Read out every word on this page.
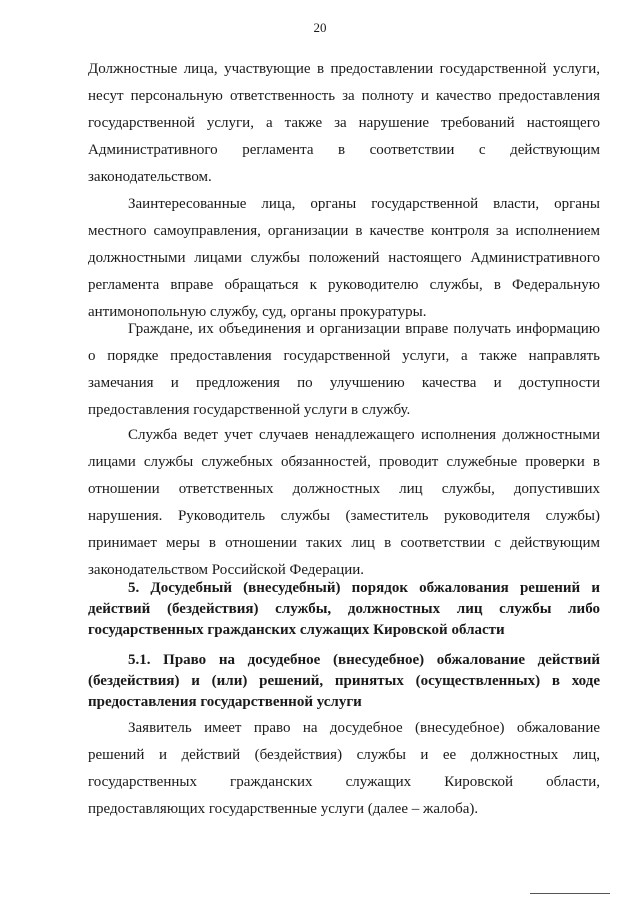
20

Должностные лица, участвующие в предоставлении государственной услуги, несут персональную ответственность за полноту и качество предоставления государственной услуги, а также за нарушение требований настоящего Административного регламента в соответствии с действующим законодательством.

Заинтересованные лица, органы государственной власти, органы местного самоуправления, организации в качестве контроля за исполнением должностными лицами службы положений настоящего Административного регламента вправе обращаться к руководителю службы, в Федеральную антимонопольную службу, суд, органы прокуратуры.

Граждане, их объединения и организации вправе получать информацию о порядке предоставления государственной услуги, а также направлять замечания и предложения по улучшению качества и доступности предоставления государственной услуги в службу.

Служба ведет учет случаев ненадлежащего исполнения должностными лицами службы служебных обязанностей, проводит служебные проверки в отношении ответственных должностных лиц службы, допустивших нарушения. Руководитель службы (заместитель руководителя службы) принимает меры в отношении таких лиц в соответствии с действующим законодательством Российской Федерации.

5. Досудебный (внесудебный) порядок обжалования решений и действий (бездействия) службы, должностных лиц службы либо государственных гражданских служащих Кировской области
5.1. Право на досудебное (внесудебное) обжалование действий (бездействия) и (или) решений, принятых (осуществленных) в ходе предоставления государственной услуги

Заявитель имеет право на досудебное (внесудебное) обжалование решений и действий (бездействия) службы и ее должностных лиц, государственных гражданских служащих Кировской области, предоставляющих государственные услуги (далее – жалоба).
